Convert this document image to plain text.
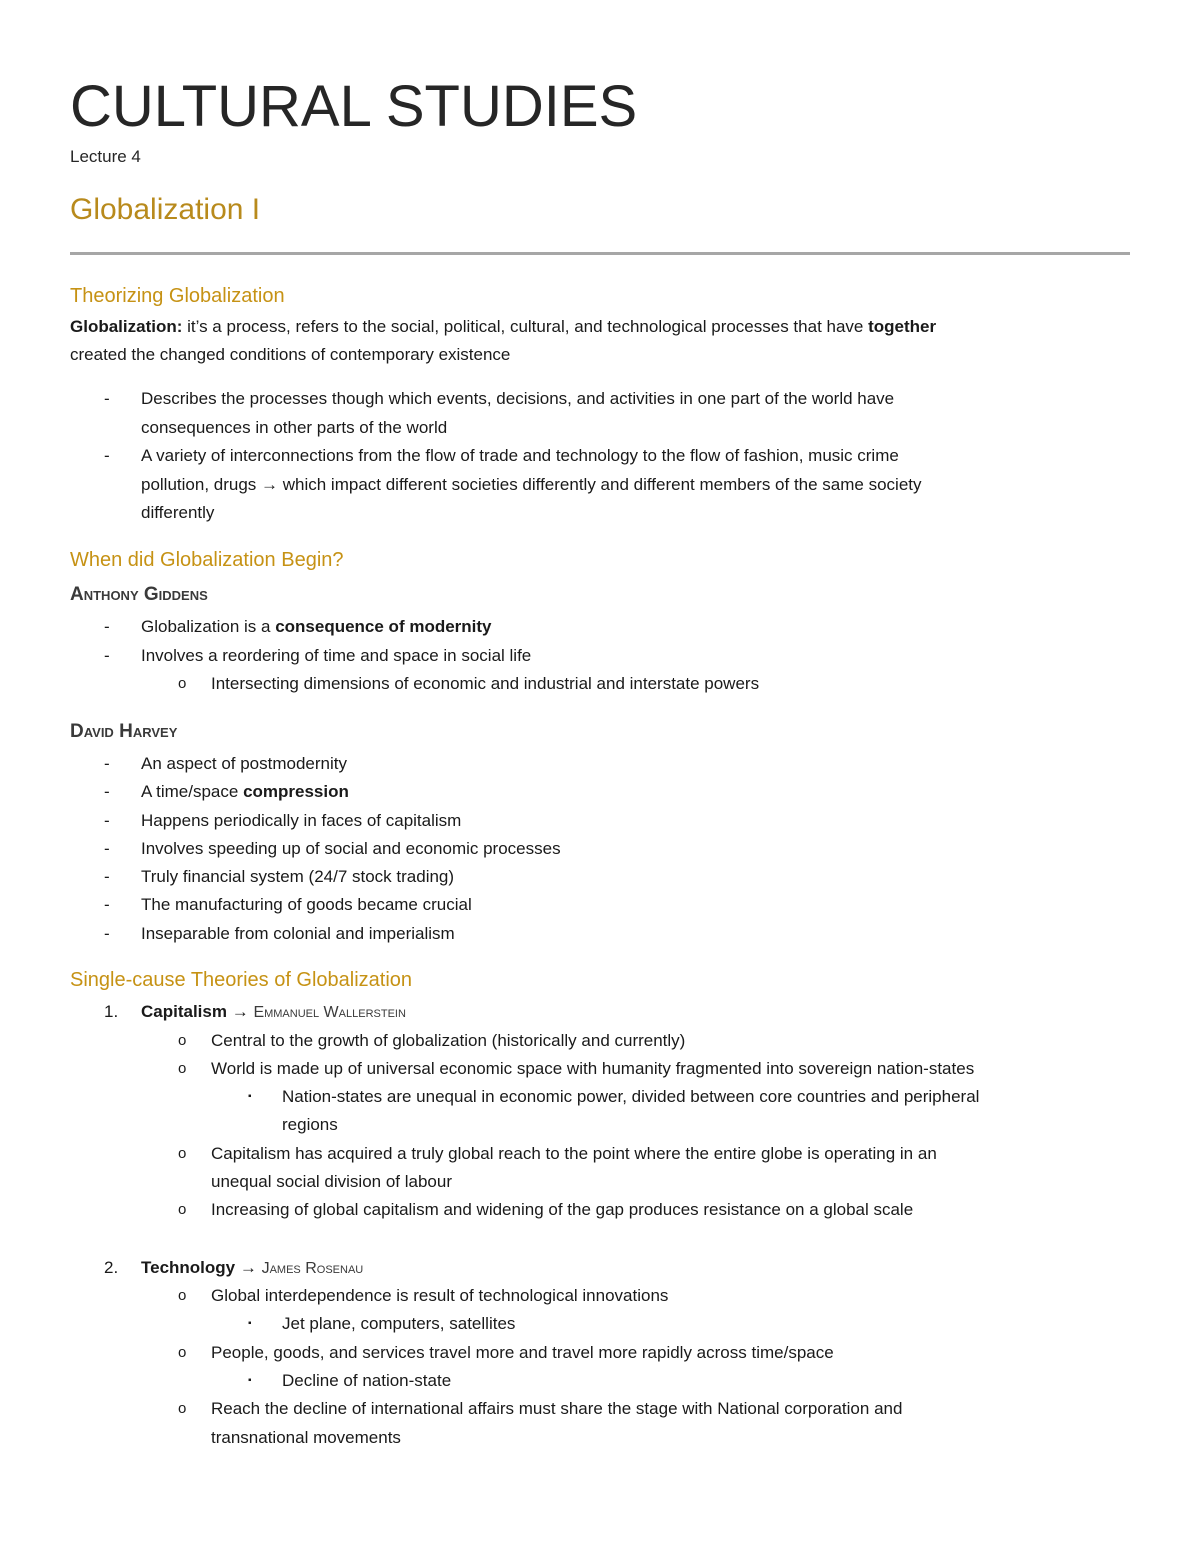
CULTURAL STUDIES
Lecture 4
Globalization I
Theorizing Globalization
Globalization: it’s a process, refers to the social, political, cultural, and technological processes that have together
created the changed conditions of contemporary existence
- Describes the processes though which events, decisions, and activities in one part of the world have
consequences in other parts of the world
- A variety of interconnections from the flow of trade and technology to the flow of fashion, music crime
pollution, drugs → which impact different societies differently and different members of the same society
differently
When did Globalization Begin?
Anthony Giddens
- Globalization is a consequence of modernity
- Involves a reordering of time and space in social life
o Intersecting dimensions of economic and industrial and interstate powers
David Harvey
- An aspect of postmodernity
- A time/space compression
- Happens periodically in faces of capitalism
- Involves speeding up of social and economic processes
- Truly financial system (24/7 stock trading)
- The manufacturing of goods became crucial
- Inseparable from colonial and imperialism
Single-cause Theories of Globalization
1. Capitalism → Emmanuel Wallerstein
o Central to the growth of globalization (historically and currently)
o World is made up of universal economic space with humanity fragmented into sovereign nation-states
▪ Nation-states are unequal in economic power, divided between core countries and peripheral
regions
o Capitalism has acquired a truly global reach to the point where the entire globe is operating in an
unequal social division of labour
o Increasing of global capitalism and widening of the gap produces resistance on a global scale
2. Technology → James Rosenau
o Global interdependence is result of technological innovations
▪ Jet plane, computers, satellites
o People, goods, and services travel more and travel more rapidly across time/space
▪ Decline of nation-state
o Reach the decline of international affairs must share the stage with National corporation and
transnational movements
